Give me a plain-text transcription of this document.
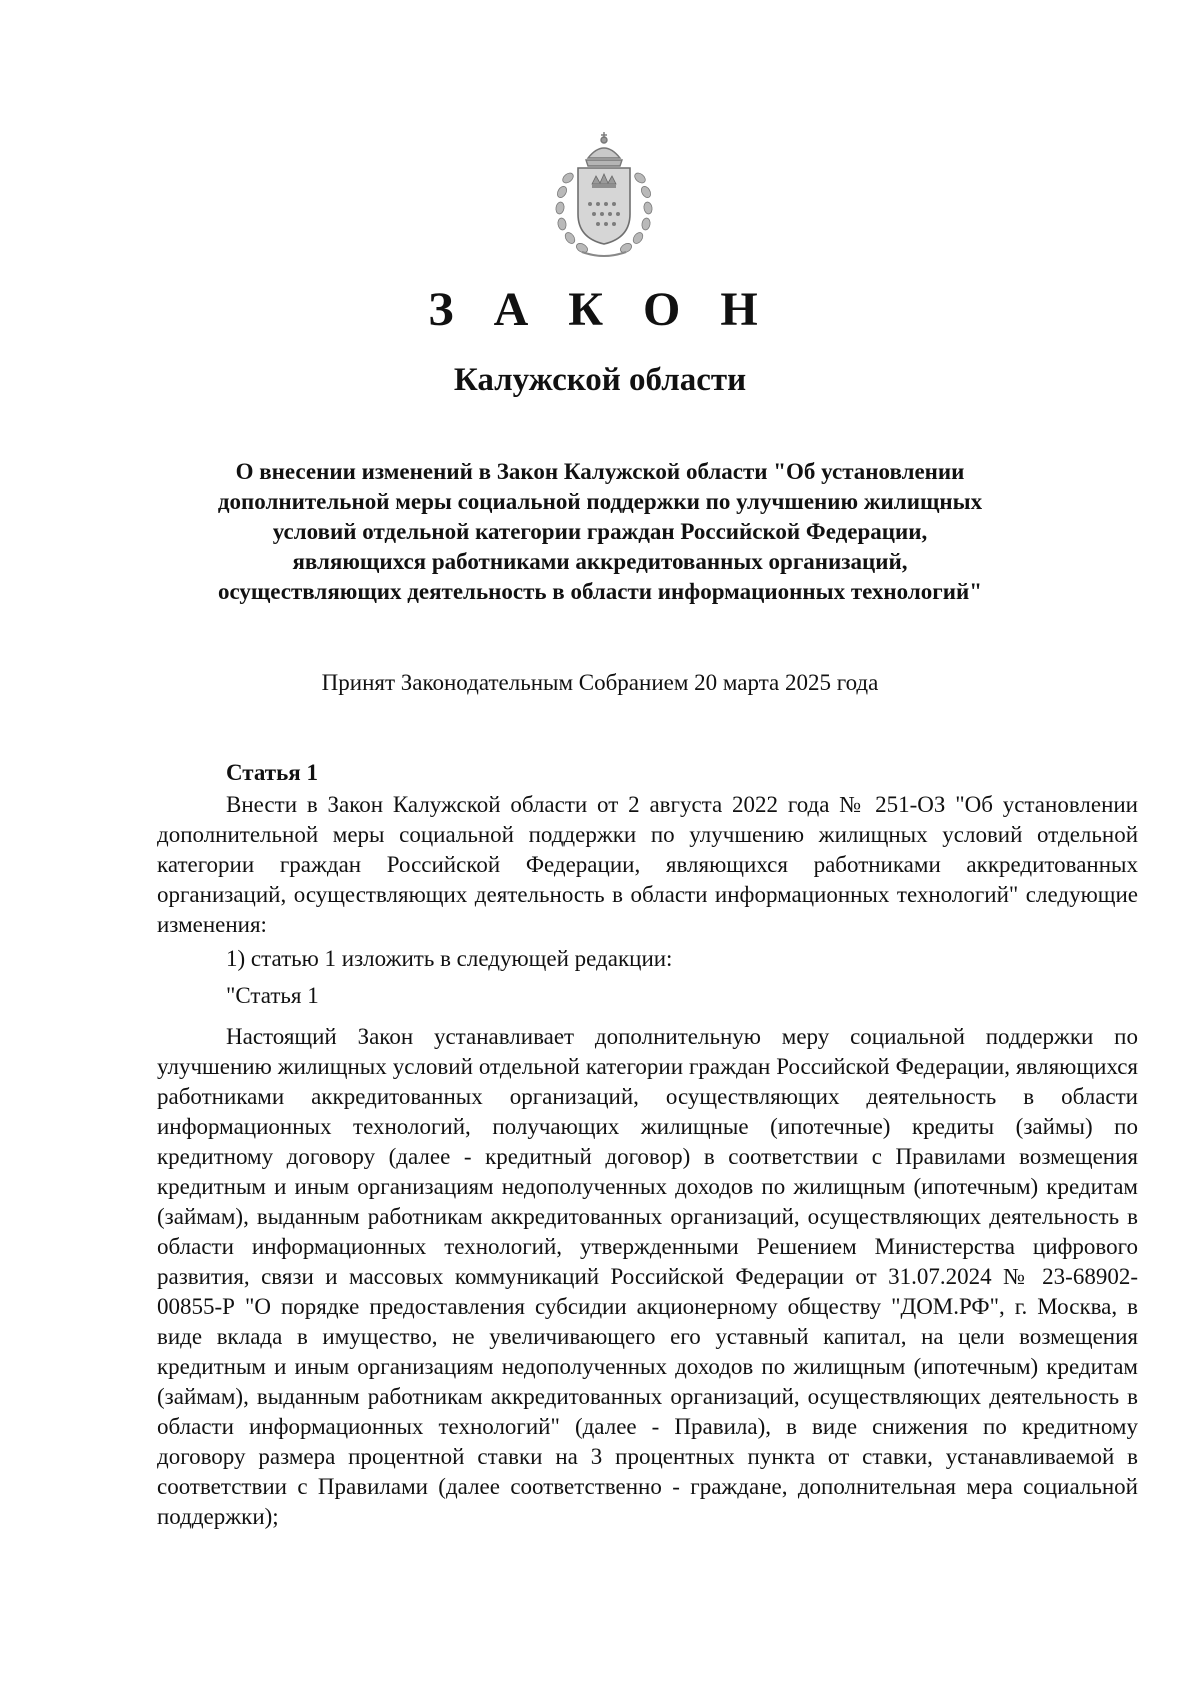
З А К О Н
Калужской области
О внесении изменений в Закон Калужской области "Об установлении
дополнительной меры социальной поддержки по улучшению жилищных
условий отдельной категории граждан Российской Федерации,
являющихся работниками аккредитованных организаций,
осуществляющих деятельность в области информационных технологий"
Принят Законодательным Собранием 20 марта 2025 года
Статья 1

Внести в Закон Калужской области от 2 августа 2022 года № 251-ОЗ "Об установлении дополнительной меры социальной поддержки по улучшению жилищных условий отдельной категории граждан Российской Федерации, являющихся работниками аккредитованных организаций, осуществляющих деятельность в области информационных технологий" следующие изменения:

1) статью 1 изложить в следующей редакции:

"Статья 1

Настоящий Закон устанавливает дополнительную меру социальной поддержки по улучшению жилищных условий отдельной категории граждан Российской Федерации, являющихся работниками аккредитованных организаций, осуществляющих деятельность в области информационных технологий, получающих жилищные (ипотечные) кредиты (займы) по кредитному договору (далее - кредитный договор) в соответствии с Правилами возмещения кредитным и иным организациям недополученных доходов по жилищным (ипотечным) кредитам (займам), выданным работникам аккредитованных организаций, осуществляющих деятельность в области информационных технологий, утвержденными Решением Министерства цифрового развития, связи и массовых коммуникаций Российской Федерации от 31.07.2024 № 23-68902-00855-Р "О порядке предоставления субсидии акционерному обществу "ДОМ.РФ", г. Москва, в виде вклада в имущество, не увеличивающего его уставный капитал, на цели возмещения кредитным и иным организациям недополученных доходов по жилищным (ипотечным) кредитам (займам), выданным работникам аккредитованных организаций, осуществляющих деятельность в области информационных технологий" (далее - Правила), в виде снижения по кредитному договору размера процентной ставки на 3 процентных пункта от ставки, устанавливаемой в соответствии с Правилами (далее соответственно - граждане, дополнительная мера социальной поддержки);
